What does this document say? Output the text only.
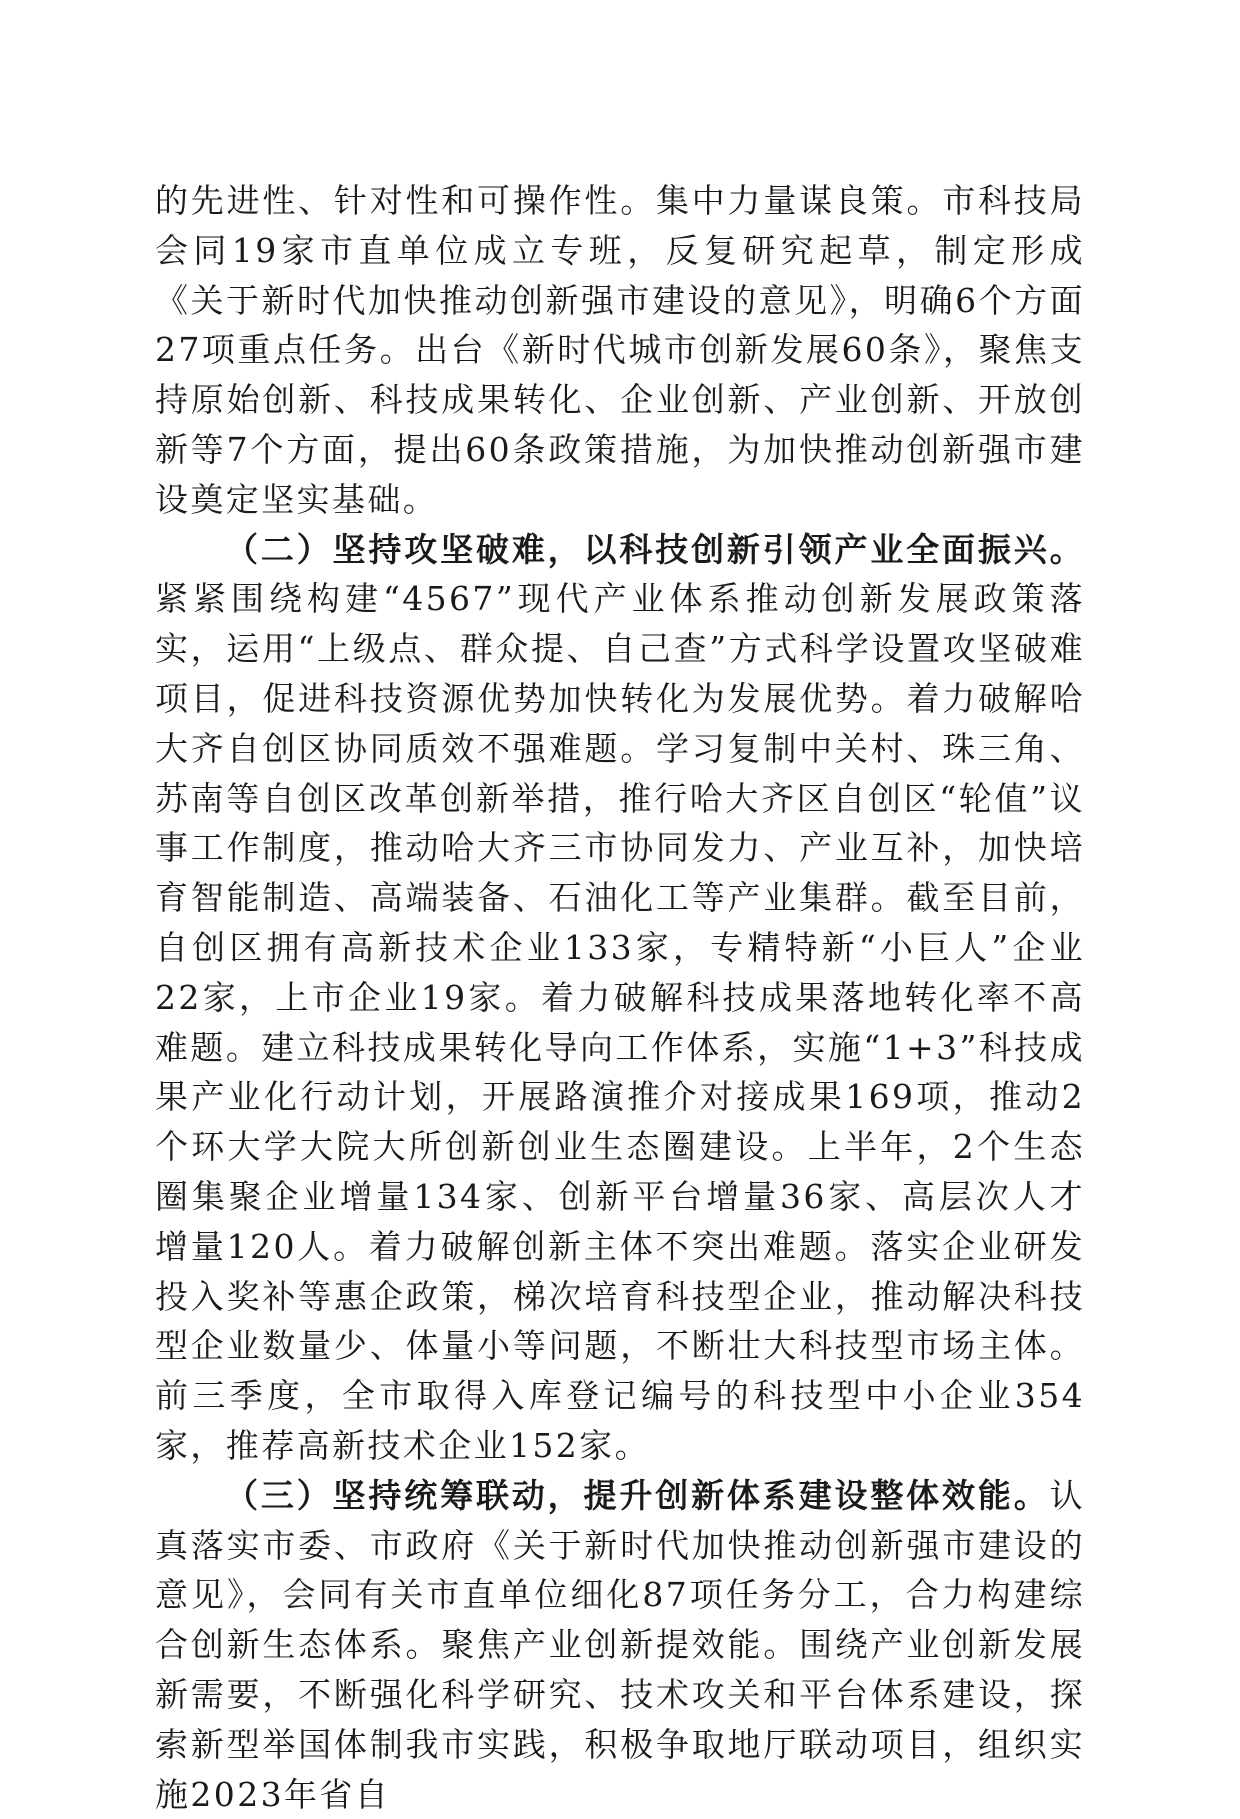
的先进性、针对性和可操作性。集中力量谋良策。市科技局会同19家市直单位成立专班，反复研究起草，制定形成《关于新时代加快推动创新强市建设的意见》，明确6个方面27项重点任务。出台《新时代城市创新发展60条》，聚焦支持原始创新、科技成果转化、企业创新、产业创新、开放创新等7个方面，提出60条政策措施，为加快推动创新强市建设奠定坚实基础。

（二）坚持攻坚破难，以科技创新引领产业全面振兴。紧紧围绕构建“4567”现代产业体系推动创新发展政策落实，运用“上级点、群众提、自己查”方式科学设置攻坚破难项目，促进科技资源优势加快转化为发展优势。着力破解哈大齐自创区协同质效不强难题。学习复制中关村、珠三角、苏南等自创区改革创新举措，推行哈大齐区自创区“轮值”议事工作制度，推动哈大齐三市协同发力、产业互补，加快培育智能制造、高端装备、石油化工等产业集群。截至目前，自创区拥有高新技术企业133家，专精特新“小巨人”企业22家，上市企业19家。着力破解科技成果落地转化率不高难题。建立科技成果转化导向工作体系，实施“1+3”科技成果产业化行动计划，开展路演推介对接成果169项，推动2个环大学大院大所创新创业生态圈建设。上半年，2个生态圈集聚企业增量134家、创新平台增量36家、高层次人才增量120人。着力破解创新主体不突出难题。落实企业研发投入奖补等惠企政策，梯次培育科技型企业，推动解决科技型企业数量少、体量小等问题，不断壮大科技型市场主体。前三季度，全市取得入库登记编号的科技型中小企业354家，推荐高新技术企业152家。

（三）坚持统筹联动，提升创新体系建设整体效能。认真落实市委、市政府《关于新时代加快推动创新强市建设的意见》，会同有关市直单位细化87项任务分工，合力构建综合创新生态体系。聚焦产业创新提效能。围绕产业创新发展新需要，不断强化科学研究、技术攻关和平台体系建设，探索新型举国体制我市实践，积极争取地厅联动项目，组织实施2023年省自
